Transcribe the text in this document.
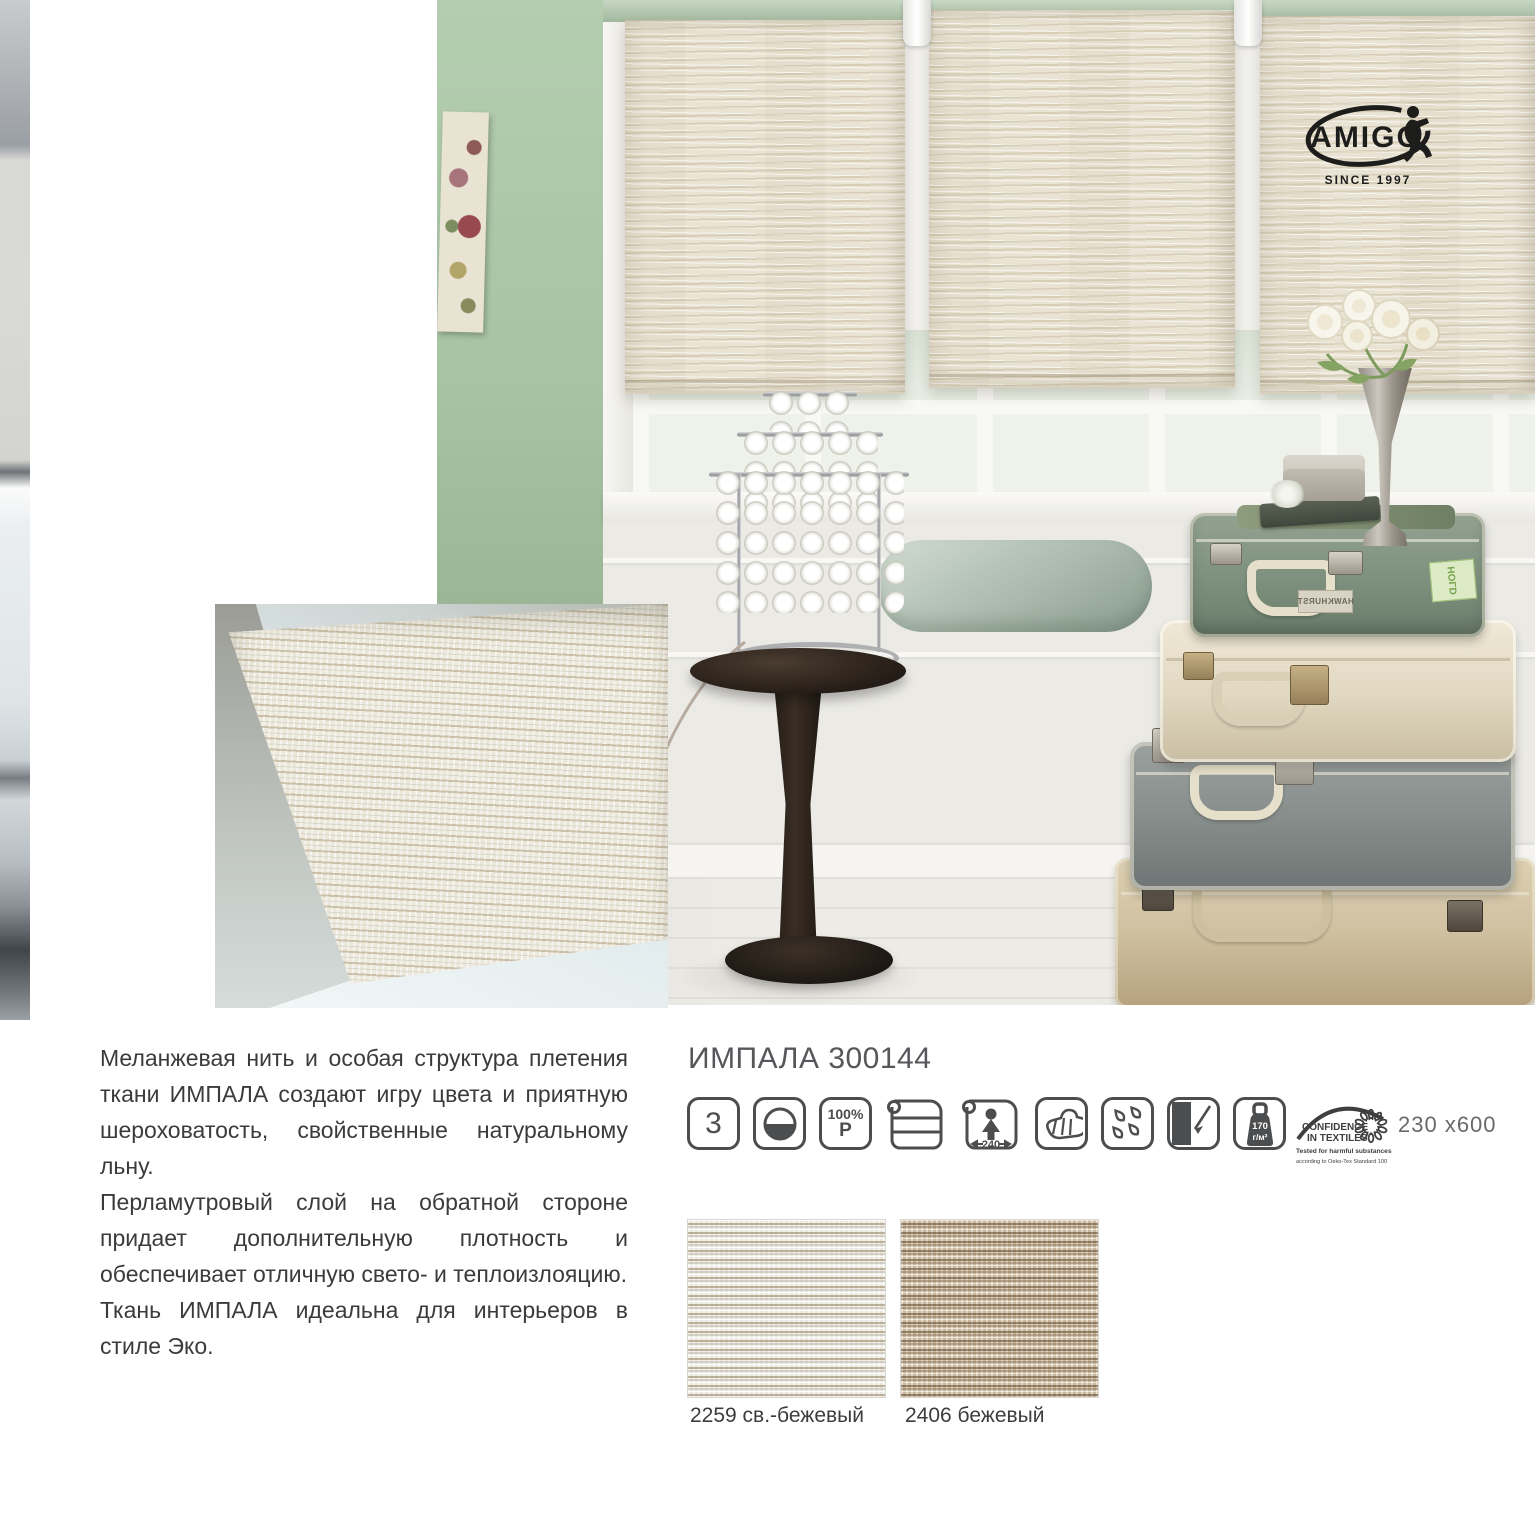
AMIGO
SINCE 1997
HAWKHURST
HOLD

Меланжевая нить и особая структура плетения ткани ИМПАЛА создают игру цвета и приятную шероховатость, свойственные натуральному льну.

Перламутровый слой на обратной стороне придает дополнительную плотность и обеспечивает отличную свето- и теплоизлояцию.

Ткань ИМПАЛА идеальна для интерьеров в стиле Эко.

ИМПАЛА 300144
3	100%
P
240
170
г/м²
CONFIDENCE
IN TEXTILES
Tested for harmful substances
according to Oeko-Tex Standard 100
230 x600
2259 св.-бежевый 2406 бежевый
